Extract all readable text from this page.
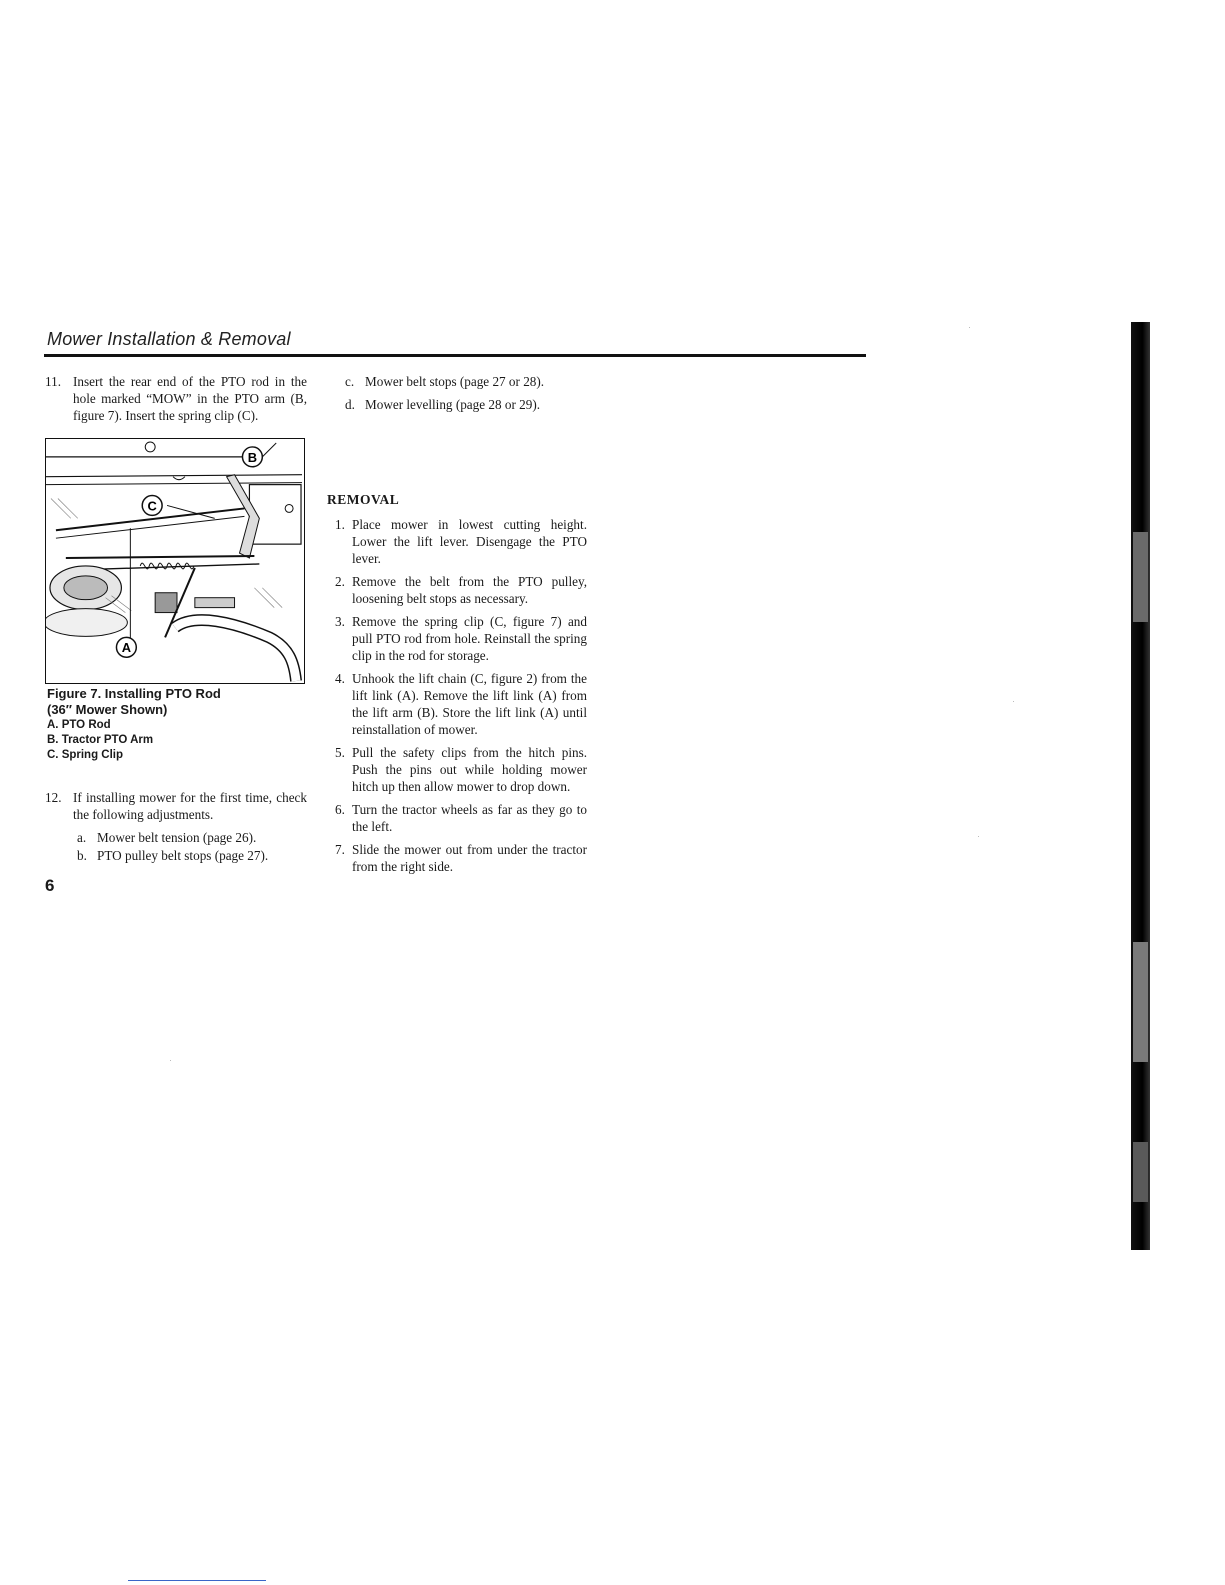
Mower Installation & Removal
11. Insert the rear end of the PTO rod in the hole marked “MOW” in the PTO arm (B, figure 7). Insert the spring clip (C).
B
C
A
Figure 7. Installing PTO Rod
(36″ Mower Shown)
A. PTO Rod
B. Tractor PTO Arm
C. Spring Clip
12. If installing mower for the first time, check the following adjustments.
a. Mower belt tension (page 26).
b. PTO pulley belt stops (page 27).
c. Mower belt stops (page 27 or 28).
d. Mower levelling (page 28 or 29).
REMOVAL
1. Place mower in lowest cutting height. Lower the lift lever. Disengage the PTO lever.
2. Remove the belt from the PTO pulley, loosening belt stops as necessary.
3. Remove the spring clip (C, figure 7) and pull PTO rod from hole. Reinstall the spring clip in the rod for storage.
4. Unhook the lift chain (C, figure 2) from the lift link (A). Remove the lift link (A) from the lift arm (B). Store the lift link (A) until reinstallation of mower.
5. Pull the safety clips from the hitch pins. Push the pins out while holding mower hitch up then allow mower to drop down.
6. Turn the tractor wheels as far as they go to the left.
7. Slide the mower out from under the tractor from the right side.
6
